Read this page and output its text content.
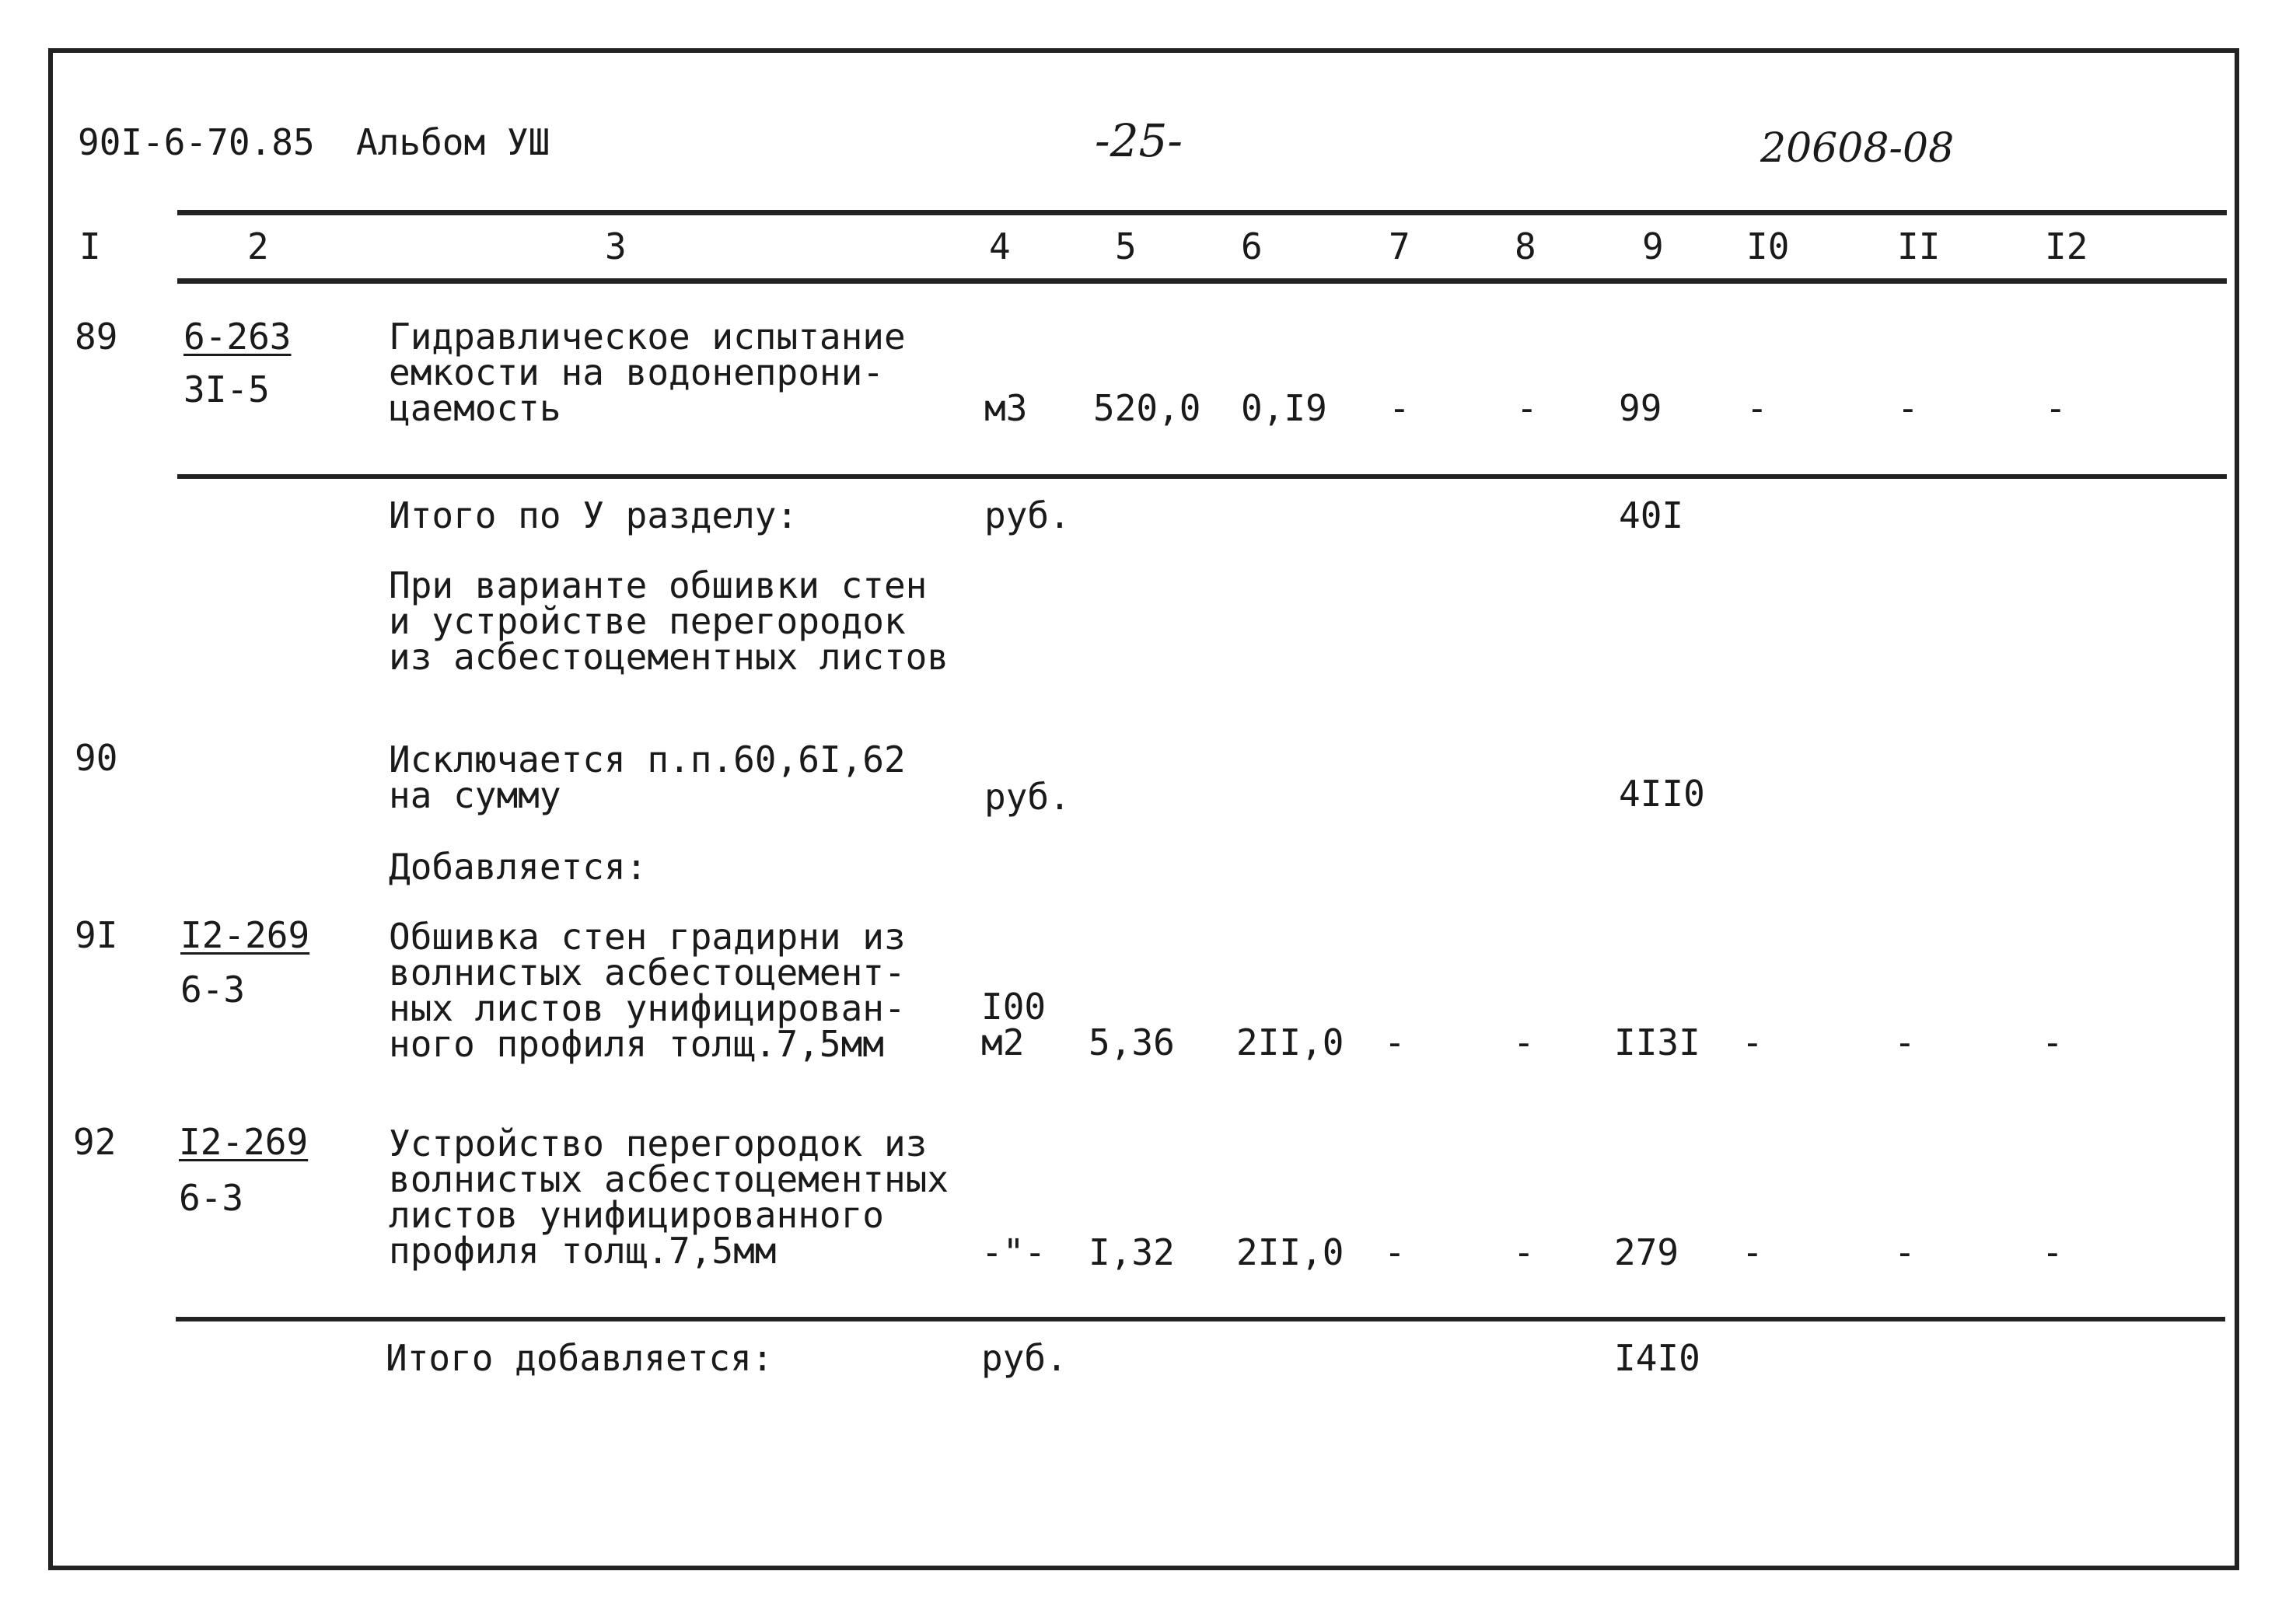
90I-6-70.85 Альбом УШ	-25-	20608-08
I	2	3	4	5	6	7	8	9 I0	II	I2
89 6-263
3I-5
Гидравлическое испытание
емкости на водонепрони-
цаемость	м3 520,0 0,I9 -	- 99 -	-	-
Итого по У разделу:	руб.	40I
При варианте обшивки стен
и устройстве перегородок
из асбестоцементных листов
90	Исключается п.п.60,6I,62
на сумму	руб.	4II0
Добавляется:
9I I2-269
6-3
Обшивка стен градирни из
волнистых асбестоцемент-
ных листов унифицирован-
ного профиля толщ.7,5мм
I00
м2 5,36 2II,0 -	- II3I -	-	-
92 I2-269
6-3
Устройство перегородок из
волнистых асбестоцементных
листов унифицированного
профиля толщ.7,5мм	-"- I,32 2II,0 -	- 279 -	-	-
Итого добавляется:	руб.	I4I0
